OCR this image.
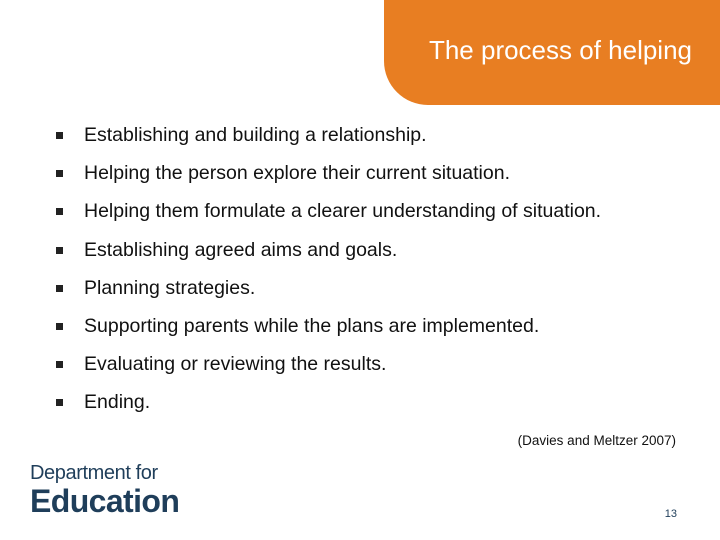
The process of helping
Establishing and building a relationship.
Helping the person explore their current situation.
Helping them formulate a clearer understanding of situation.
Establishing agreed aims and goals.
Planning strategies.
Supporting parents while the plans are implemented.
Evaluating or reviewing the results.
Ending.
(Davies and Meltzer 2007)
Department for
Education	13
